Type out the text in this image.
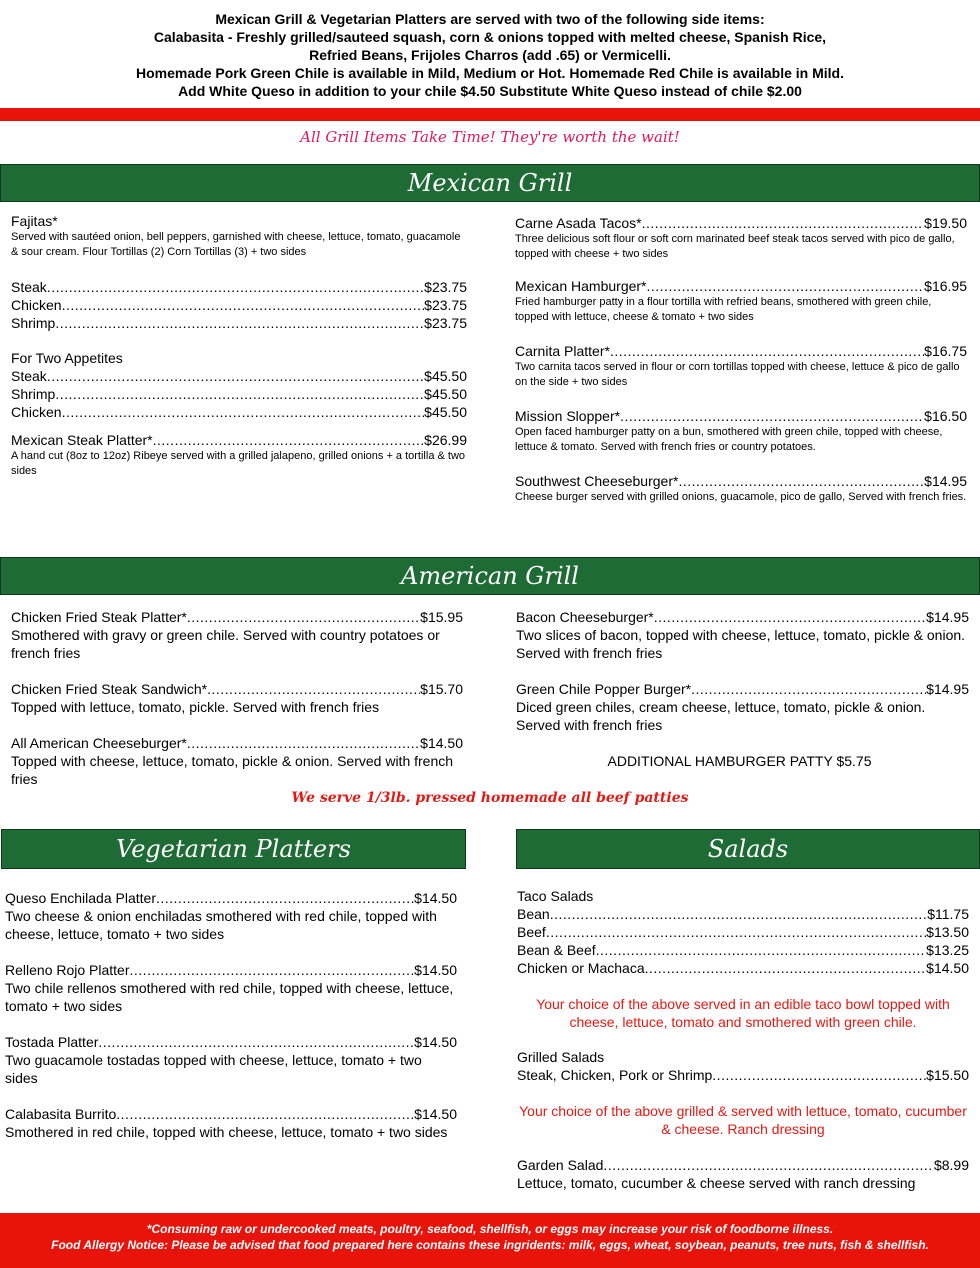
Mexican Grill & Vegetarian Platters are served with two of the following side items:
Calabasita - Freshly grilled/sauteed squash, corn & onions topped with melted cheese, Spanish Rice,
Refried Beans, Frijoles Charros (add .65) or Vermicelli.
Homemade Pork Green Chile is available in Mild, Medium or Hot. Homemade Red Chile is available in Mild.
Add White Queso in addition to your chile $4.50 Substitute White Queso instead of chile $2.00
All Grill Items Take Time! They're worth the wait!
Mexican Grill
Fajitas*
Served with sautéed onion, bell peppers, garnished with cheese, lettuce, tomato, guacamole & sour cream. Flour Tortillas (2) Corn Tortillas (3) + two sides
Steak .....	$23.75
Chicken .....	$23.75
Shrimp .....	$23.75
For Two Appetites
Steak .....	$45.50
Shrimp .....	$45.50
Chicken .....	$45.50
Mexican Steak Platter* .....	$26.99
A hand cut (8oz to 12oz) Ribeye served with a grilled jalapeno, grilled onions + a tortilla & two sides
Carne Asada Tacos* .....	$19.50
Three delicious soft flour or soft corn marinated beef steak tacos served with pico de gallo, topped with cheese + two sides
Mexican Hamburger* .....	$16.95
Fried hamburger patty in a flour tortilla with refried beans, smothered with green chile, topped with lettuce, cheese & tomato + two sides
Carnita Platter* .....	$16.75
Two carnita tacos served in flour or corn tortillas topped with cheese, lettuce & pico de gallo on the side + two sides
Mission Slopper* .....	$16.50
Open faced hamburger patty on a bun, smothered with green chile, topped with cheese, lettuce & tomato. Served with french fries or country potatoes.
Southwest Cheeseburger* .....	$14.95
Cheese burger served with grilled onions, guacamole, pico de gallo, Served with french fries.
American Grill
Chicken Fried Steak Platter* .....	$15.95
Smothered with gravy or green chile. Served with country potatoes or french fries
Chicken Fried Steak Sandwich* .....	$15.70
Topped with lettuce, tomato, pickle. Served with french fries
All American Cheeseburger* .....	$14.50
Topped with cheese, lettuce, tomato, pickle & onion. Served with french fries
Bacon Cheeseburger* .....	$14.95
Two slices of bacon, topped with cheese, lettuce, tomato, pickle & onion. Served with french fries
Green Chile Popper Burger* .....	$14.95
Diced green chiles, cream cheese, lettuce, tomato, pickle & onion. Served with french fries
ADDITIONAL HAMBURGER PATTY $5.75
We serve 1/3lb. pressed homemade all beef patties
Vegetarian Platters
Queso Enchilada Platter .....	$14.50
Two cheese & onion enchiladas smothered with red chile, topped with cheese, lettuce, tomato + two sides
Relleno Rojo Platter .....	$14.50
Two chile rellenos smothered with red chile, topped with cheese, lettuce, tomato + two sides
Tostada Platter .....	$14.50
Two guacamole tostadas topped with cheese, lettuce, tomato + two sides
Calabasita Burrito .....	$14.50
Smothered in red chile, topped with cheese, lettuce, tomato + two sides
Salads
Taco Salads
Bean .....	$11.75
Beef .....	$13.50
Bean & Beef .....	$13.25
Chicken or Machaca .....	$14.50
Your choice of the above served in an edible taco bowl topped with cheese, lettuce, tomato and smothered with green chile.
Grilled Salads
Steak, Chicken, Pork or Shrimp .....	$15.50
Your choice of the above grilled & served with lettuce, tomato, cucumber & cheese. Ranch dressing
Garden Salad .....	$8.99
Lettuce, tomato, cucumber & cheese served with ranch dressing
*Consuming raw or undercooked meats, poultry, seafood, shellfish, or eggs may increase your risk of foodborne illness.
Food Allergy Notice: Please be advised that food prepared here contains these ingridents: milk, eggs, wheat, soybean, peanuts, tree nuts, fish & shellfish.
